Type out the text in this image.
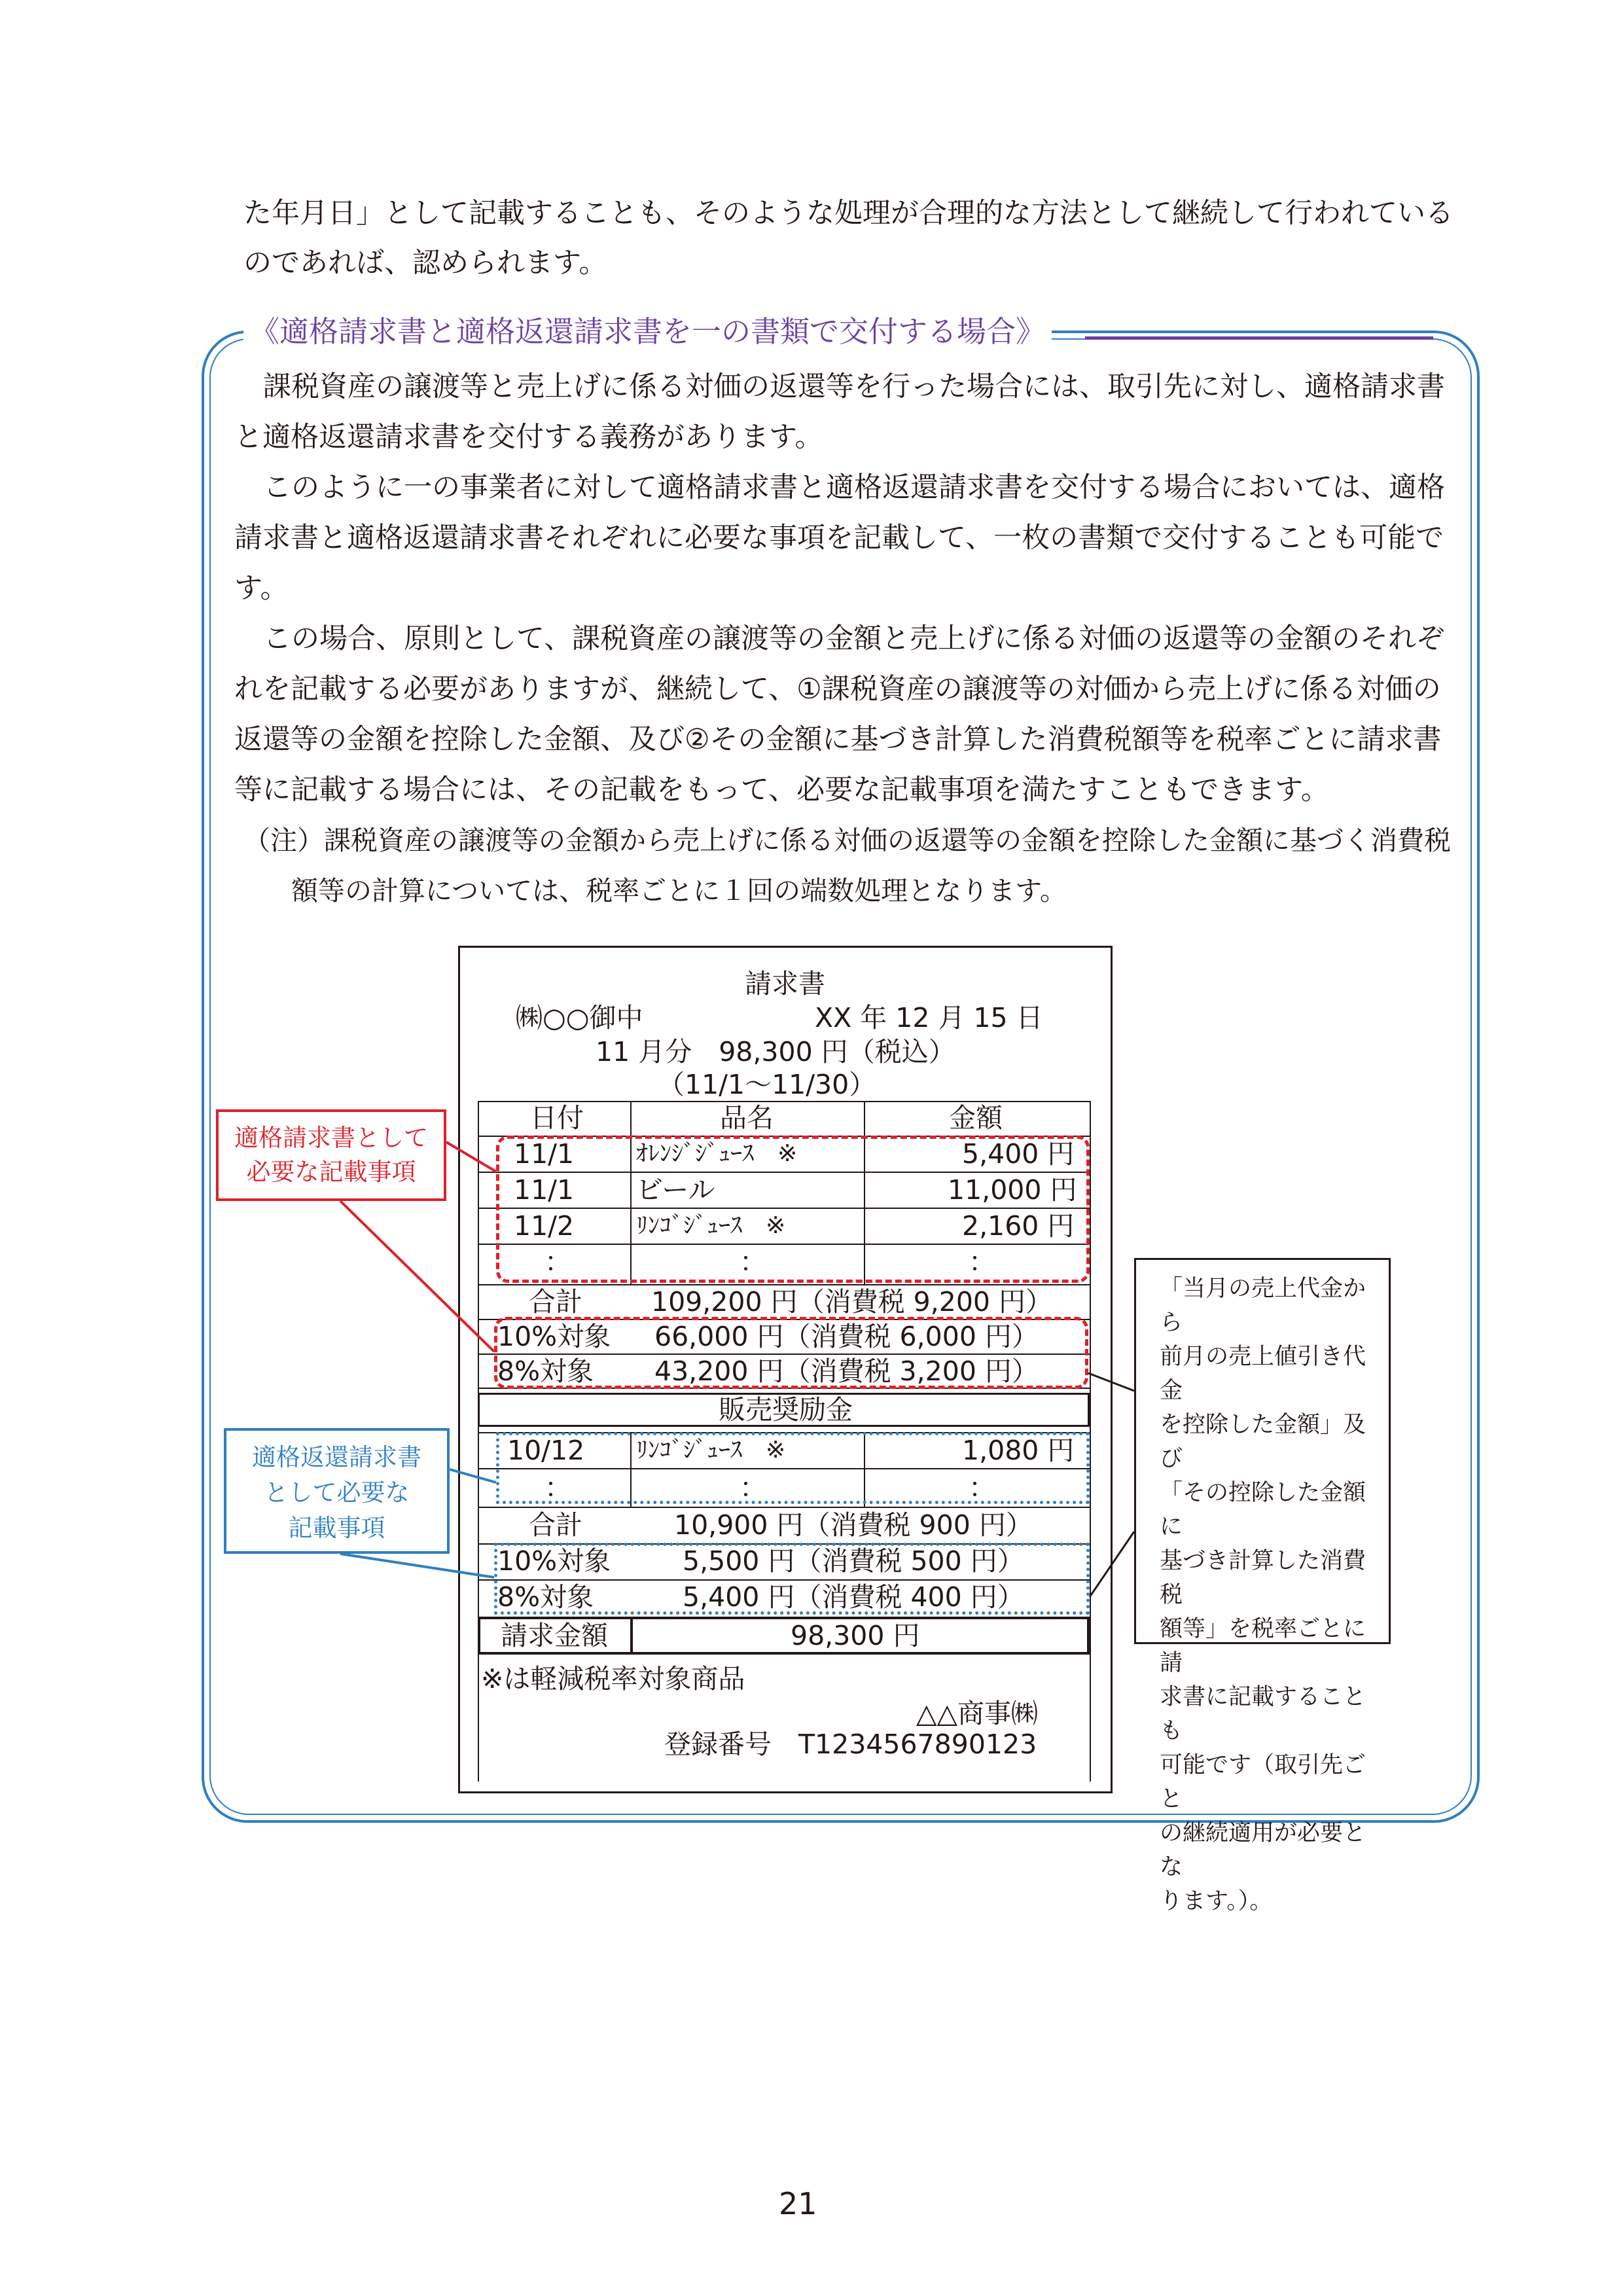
た年月日」として記載することも、そのような処理が合理的な方法として継続して行われている
のであれば、認められます。
《適格請求書と適格返還請求書を一の書類で交付する場合》
課税資産の譲渡等と売上げに係る対価の返還等を行った場合には、取引先に対し、適格請求書
と適格返還請求書を交付する義務があります。
このように一の事業者に対して適格請求書と適格返還請求書を交付する場合においては、適格
請求書と適格返還請求書それぞれに必要な事項を記載して、一枚の書類で交付することも可能で
す。
この場合、原則として、課税資産の譲渡等の金額と売上げに係る対価の返還等の金額のそれぞ
れを記載する必要がありますが、継続して、①課税資産の譲渡等の対価から売上げに係る対価の
返還等の金額を控除した金額、及び②その金額に基づき計算した消費税額等を税率ごとに請求書
等に記載する場合には、その記載をもって、必要な記載事項を満たすこともできます。
（注）課税資産の譲渡等の金額から売上げに係る対価の返還等の金額を控除した金額に基づく消費税
額等の計算については、税率ごとに１回の端数処理となります。
請求書
㈱○○御中	XX 年 12 月 15 日
11 月分　98,300 円（税込）
（11/1～11/30）
日付	品名	金額
11/1	ｵﾚﾝｼﾞｼﾞｭｰｽ　※	5,400 円
11/1 ビール	11,000 円
11/2	ﾘﾝｺﾞｼﾞｭｰｽ　※	2,160 円
：	：	：
合計	109,200 円（消費税 9,200 円）
10%対象 66,000 円（消費税 6,000 円）
8%対象 43,200 円（消費税 3,200 円）
販売奨励金
10/12 ﾘﾝｺﾞｼﾞｭｰｽ　※	1,080 円
：	：	：
合計	10,900 円（消費税 900 円）
10%対象	5,500 円（消費税 500 円）
8%対象	5,400 円（消費税 400 円）
請求金額	98,300 円
※は軽減税率対象商品
△△商事㈱
登録番号　T1234567890123
適格請求書として
必要な記載事項
適格返還請求書
として必要な
記載事項
「当月の売上代金から
前月の売上値引き代金
を控除した金額」及び
「その控除した金額に
基づき計算した消費税
額等」を税率ごとに請
求書に記載することも
可能です（取引先ごと
の継続適用が必要とな
ります。）。
21
